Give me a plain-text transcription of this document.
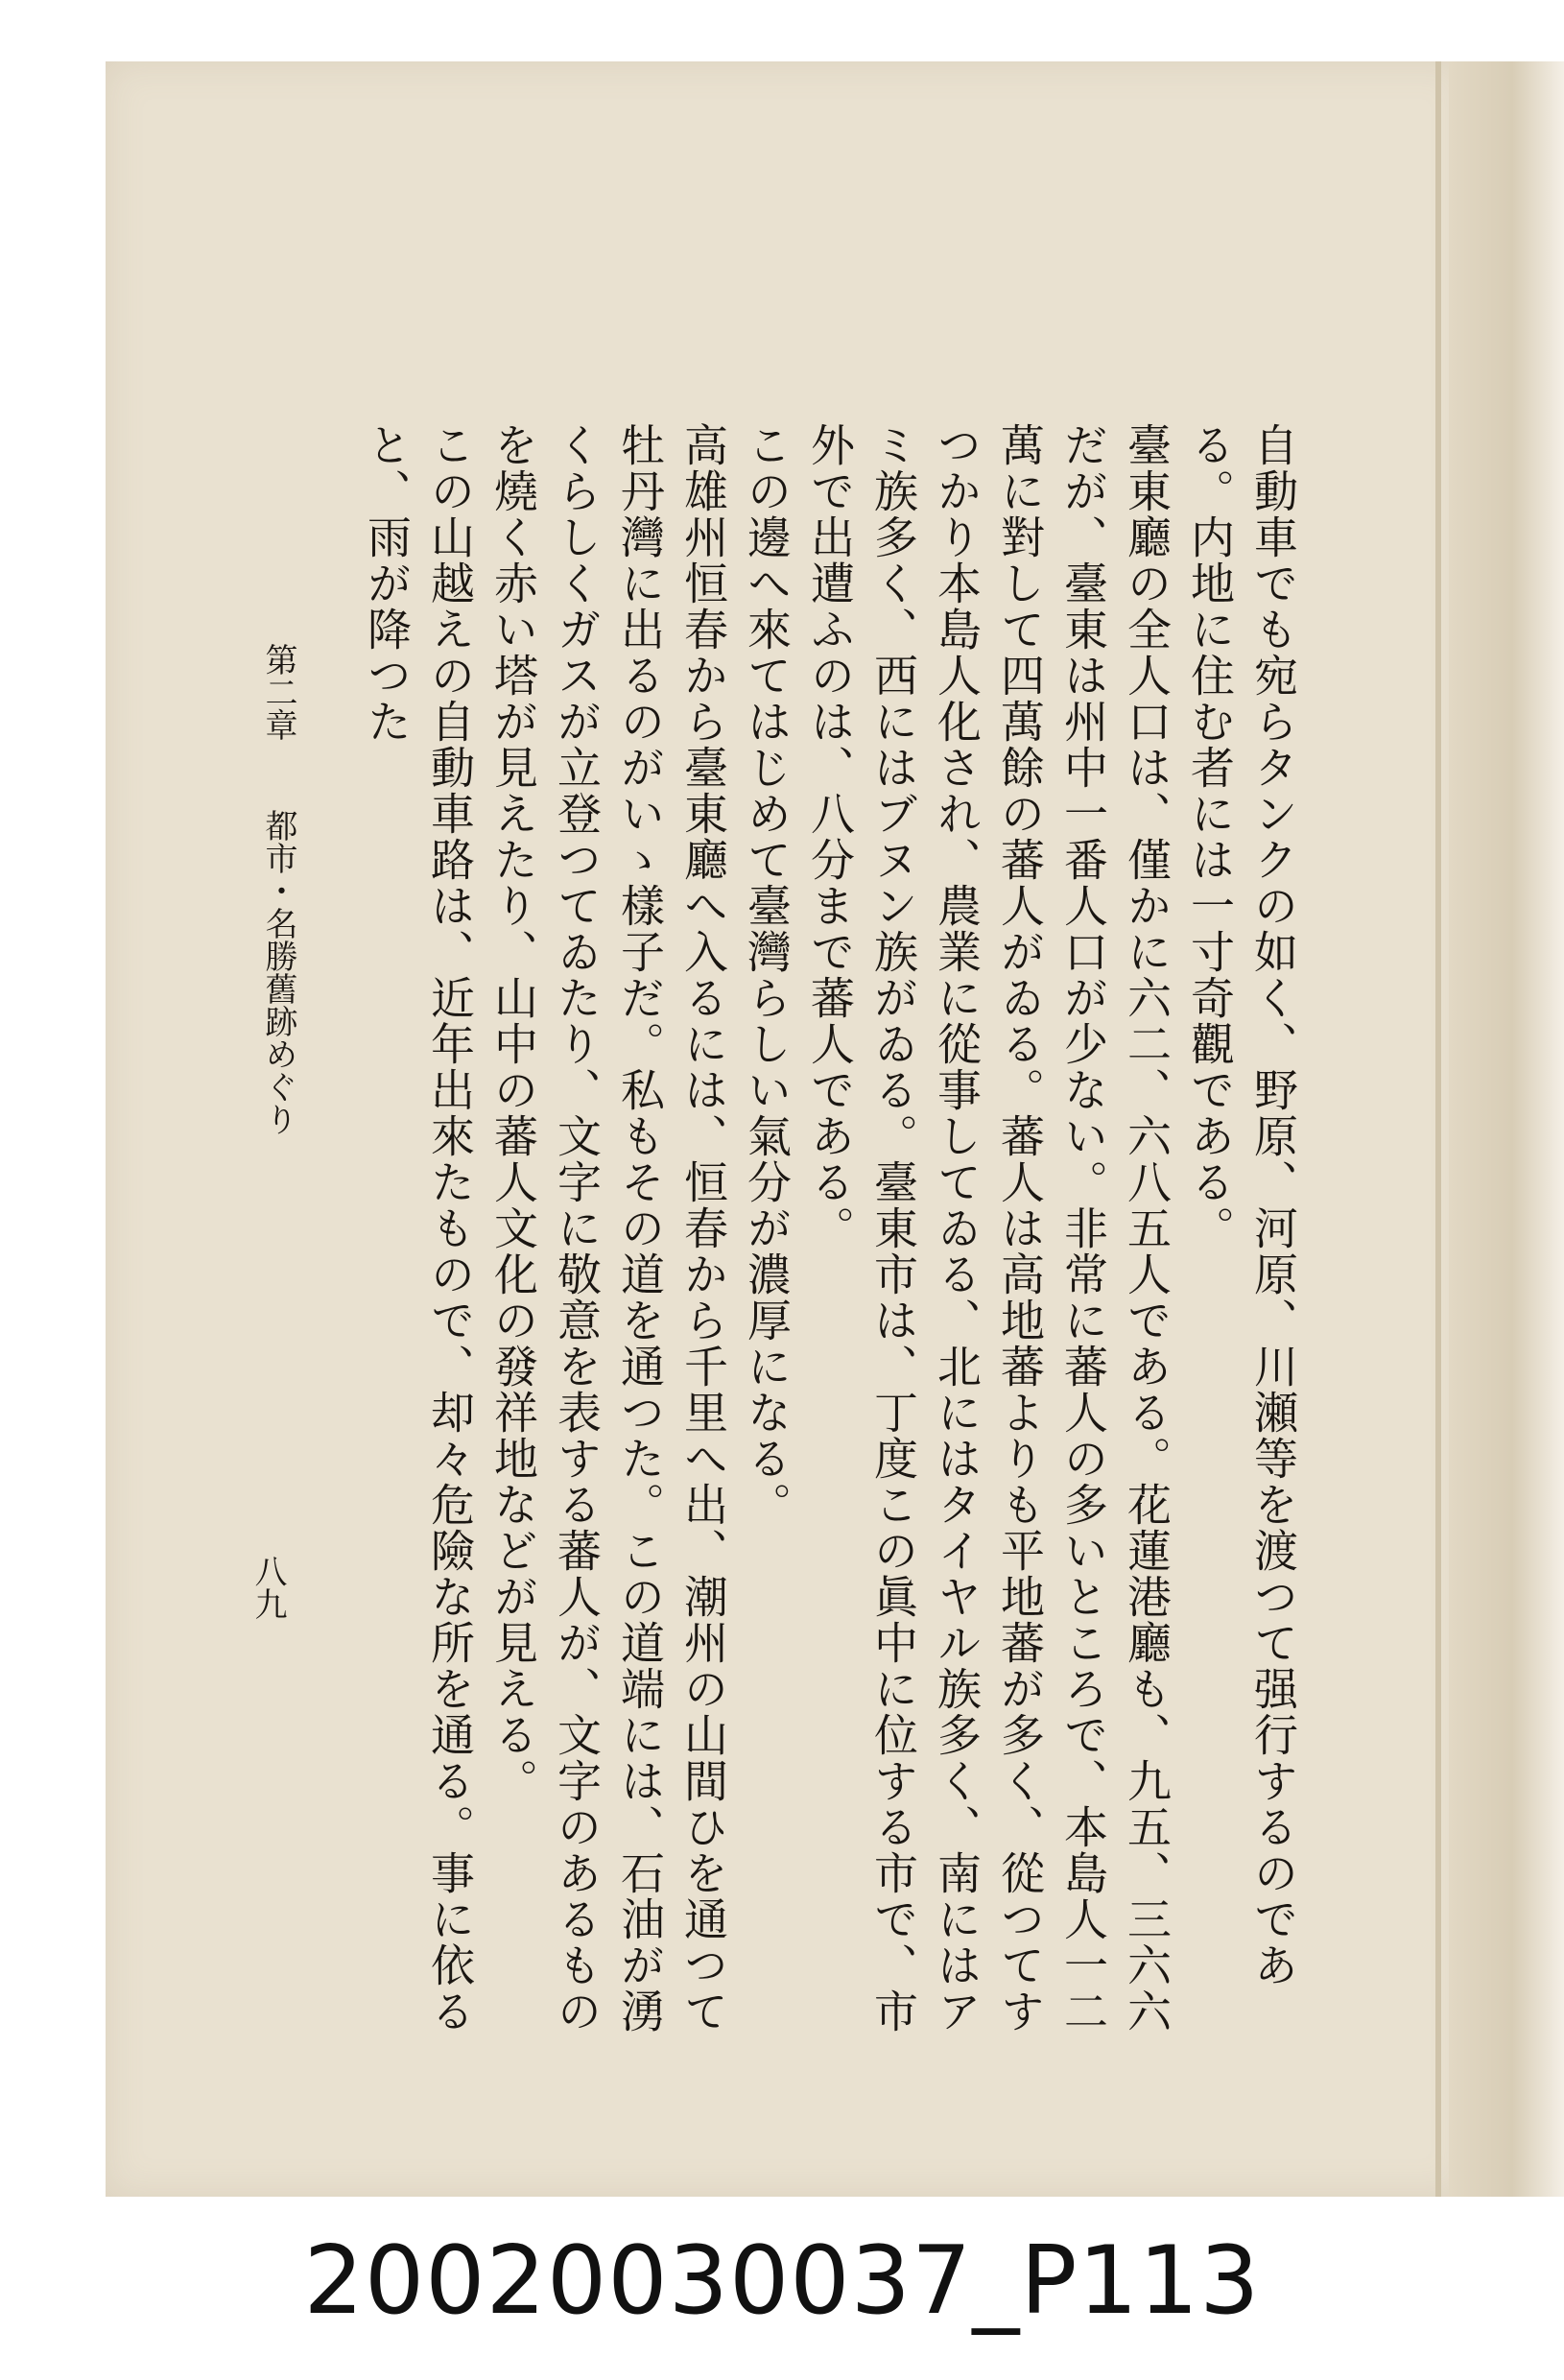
自動車でも宛らタンクの如く、野原、河原、川瀬等を渡つて强行するのである。内地に住む者には一寸奇觀である。

臺東廳の全人口は、僅かに六二、六八五人である。花蓮港廳も、九五、三六六だが、臺東は州中一番人口が少ない。非常に蕃人の多いところで、本島人一二萬に對して四萬餘の蕃人がゐる。蕃人は高地蕃よりも平地蕃が多く、從つてすつかり本島人化され、農業に從事してゐる、北にはタイヤル族多く、南にはアミ族多く、西にはブヌン族がゐる。臺東市は、丁度この眞中に位する市で、市外で出遭ふのは、八分まで蕃人である。

この邊へ來てはじめて臺灣らしい氣分が濃厚になる。

高雄州恒春から臺東廳へ入るには、恒春から千里へ出、潮州の山間ひを通つて牡丹灣に出るのがいゝ樣子だ。私もその道を通つた。この道端には、石油が湧くらしくガスが立登つてゐたり、文字に敬意を表する蕃人が、文字のあるものを燒く赤い塔が見えたり、山中の蕃人文化の發祥地などが見える。

この山越えの自動車路は、近年出來たもので、却々危險な所を通る。事に依ると、雨が降つた

第二章 都市・名勝舊跡めぐり
八九
20020030037_P113
